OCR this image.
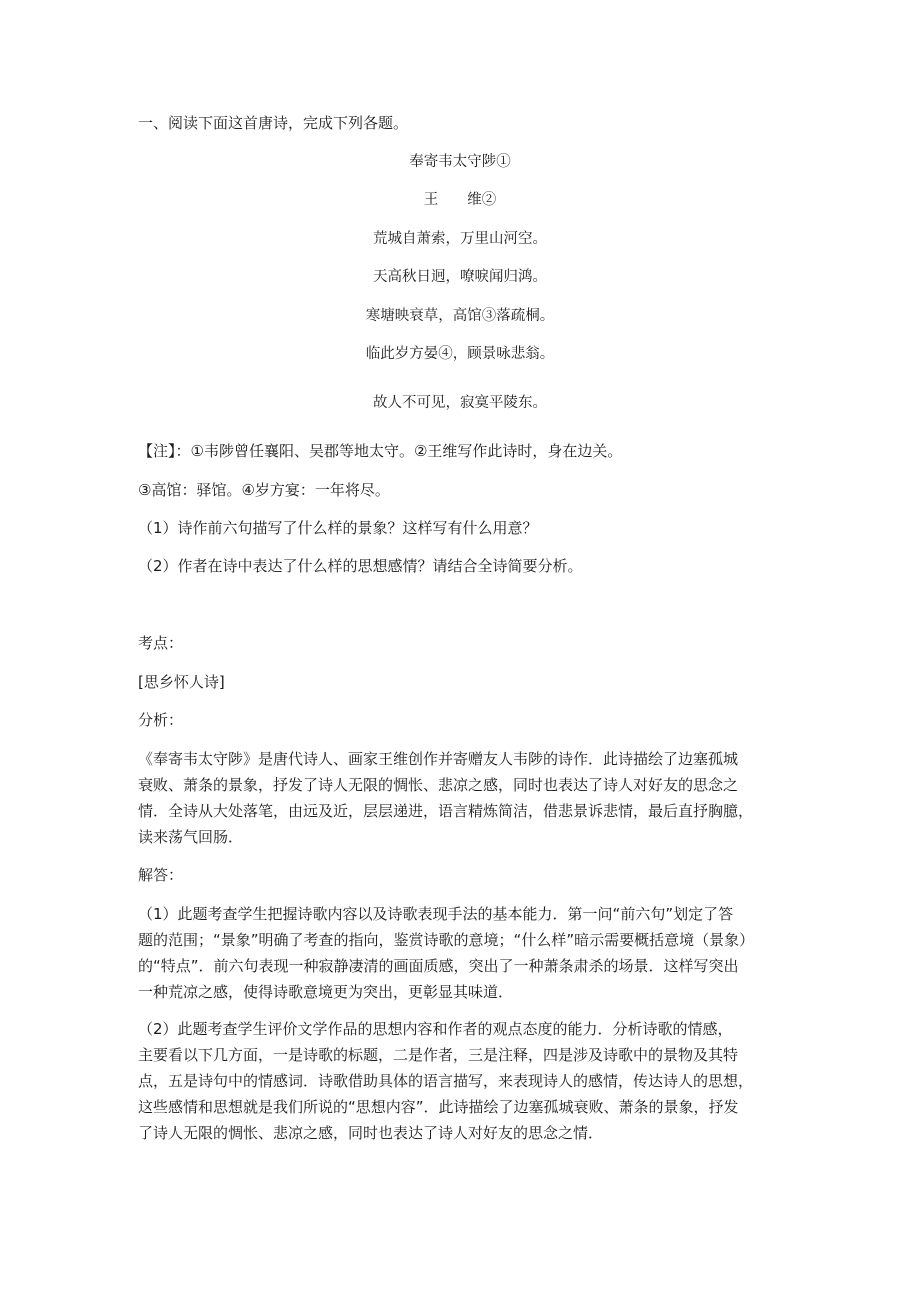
一、阅读下面这首唐诗，完成下列各题。

奉寄韦太守陟①

王　　维②

荒城自萧索，万里山河空。

天高秋日迥，嘹唳闻归鸿。

寒塘映衰草，高馆③落疏桐。

临此岁方晏④，顾景咏悲翁。

故人不可见，寂寞平陵东。

【注】：①韦陟曾任襄阳、吴郡等地太守。②王维写作此诗时，身在边关。

③高馆：驿馆。④岁方宴：一年将尽。

（1）诗作前六句描写了什么样的景象？这样写有什么用意？

（2）作者在诗中表达了什么样的思想感情？请结合全诗简要分析。

考点：

[思乡怀人诗]

分析：

《奉寄韦太守陟》是唐代诗人、画家王维创作并寄赠友人韦陟的诗作．此诗描绘了边塞孤城
衰败、萧条的景象，抒发了诗人无限的惆怅、悲凉之感，同时也表达了诗人对好友的思念之
情．全诗从大处落笔，由远及近，层层递进，语言精炼简洁，借悲景诉悲情，最后直抒胸臆，
读来荡气回肠．

解答：

（1）此题考查学生把握诗歌内容以及诗歌表现手法的基本能力．第一问“前六句”划定了答
题的范围；“景象”明确了考查的指向，鉴赏诗歌的意境；“什么样”暗示需要概括意境（景象）
的“特点”．前六句表现一种寂静凄清的画面质感，突出了一种萧条肃杀的场景．这样写突出
一种荒凉之感，使得诗歌意境更为突出，更彰显其味道．
（2）此题考查学生评价文学作品的思想内容和作者的观点态度的能力．分析诗歌的情感，
主要看以下几方面，一是诗歌的标题，二是作者，三是注释，四是涉及诗歌中的景物及其特
点，五是诗句中的情感词．诗歌借助具体的语言描写，来表现诗人的感情，传达诗人的思想，
这些感情和思想就是我们所说的“思想内容”．此诗描绘了边塞孤城衰败、萧条的景象，抒发
了诗人无限的惆怅、悲凉之感，同时也表达了诗人对好友的思念之情．
